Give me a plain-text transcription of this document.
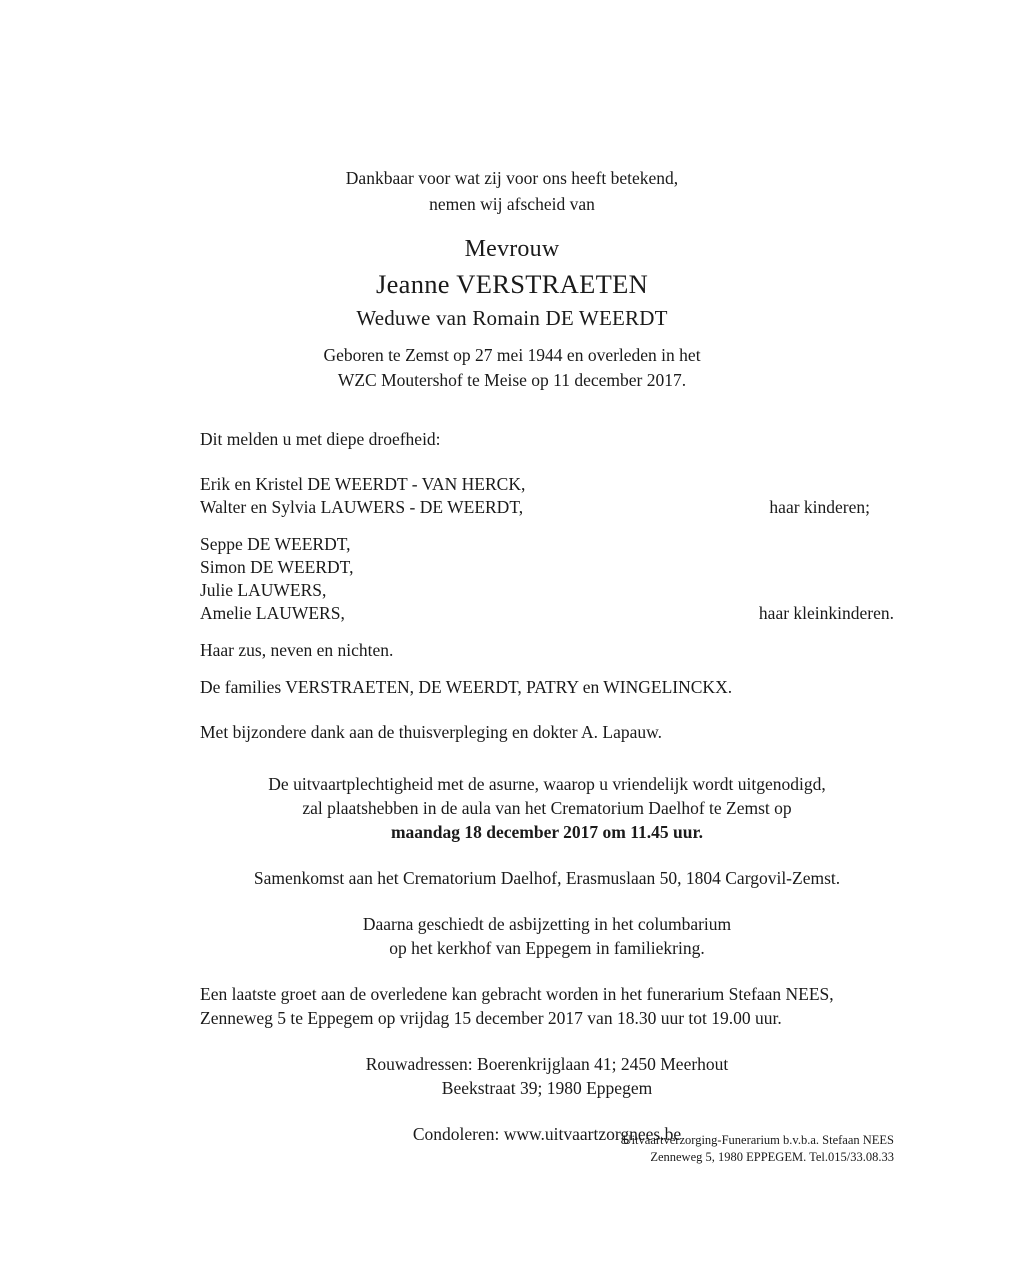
Dankbaar voor wat zij voor ons heeft betekend,
nemen wij afscheid van
Mevrouw
Jeanne VERSTRAETEN
Weduwe van Romain DE WEERDT
Geboren te Zemst op 27 mei 1944 en overleden in het
WZC Moutershof te Meise op 11 december 2017.
Dit melden u met diepe droefheid:
Erik en Kristel DE WEERDT - VAN HERCK,
Walter en Sylvia LAUWERS - DE WEERDT,	haar kinderen;
Seppe DE WEERDT,
Simon DE WEERDT,
Julie LAUWERS,
Amelie LAUWERS,	haar kleinkinderen.
Haar zus, neven en nichten.
De families VERSTRAETEN, DE WEERDT, PATRY en WINGELINCKX.
Met bijzondere dank aan de thuisverpleging en dokter A. Lapauw.
De uitvaartplechtigheid met de asurne, waarop u vriendelijk wordt uitgenodigd,
zal plaatshebben in de aula van het Crematorium Daelhof te Zemst op
maandag 18 december 2017 om 11.45 uur.
Samenkomst aan het Crematorium Daelhof, Erasmuslaan 50, 1804 Cargovil-Zemst.
Daarna geschiedt de asbijzetting in het columbarium
op het kerkhof van Eppegem in familiekring.
Een laatste groet aan de overledene kan gebracht worden in het funerarium Stefaan NEES,
Zenneweg 5 te Eppegem op vrijdag 15 december 2017 van 18.30 uur tot 19.00 uur.
Rouwadressen: Boerenkrijglaan 41; 2450 Meerhout
Beekstraat 39; 1980 Eppegem
Condoleren: www.uitvaartzorgnees.be
Uitvaartverzorging-Funerarium b.v.b.a. Stefaan NEES
Zenneweg 5, 1980 EPPEGEM. Tel.015/33.08.33
